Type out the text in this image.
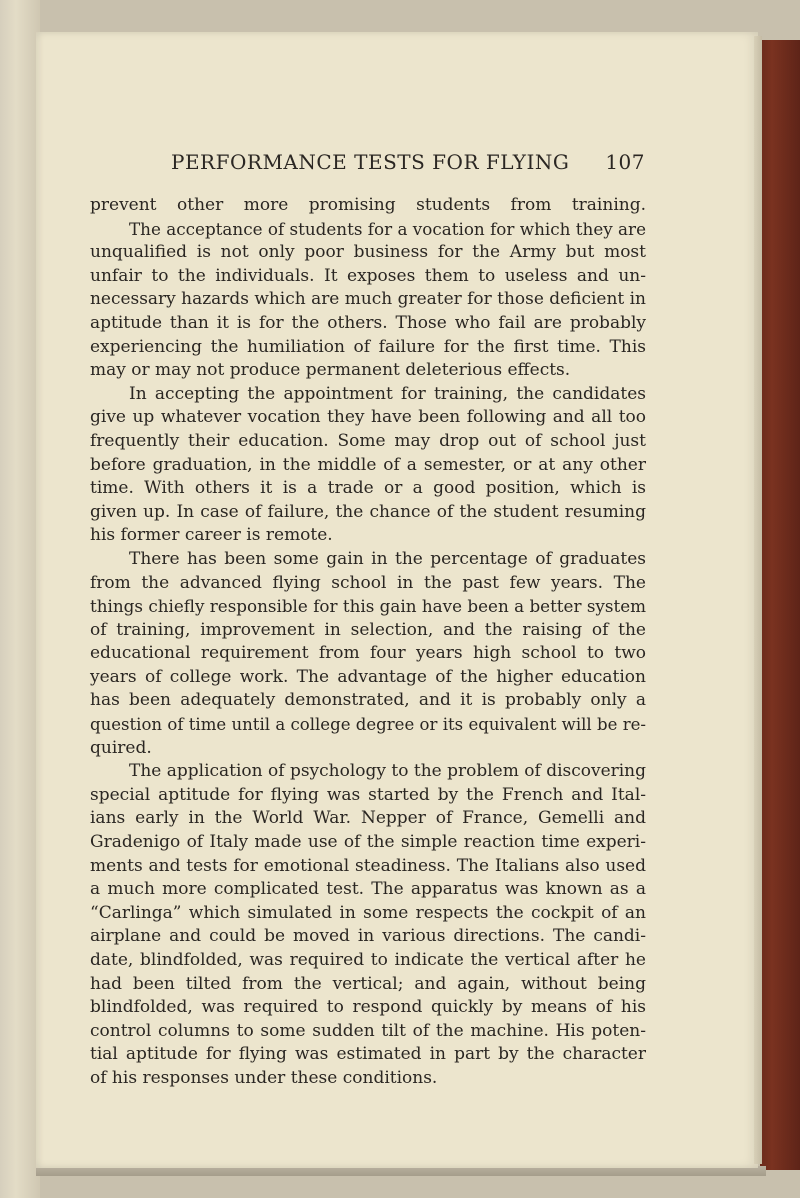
PERFORMANCE TESTS FOR FLYING 107
prevent other more promising students from training.
The acceptance of students for a vocation for which they are
unqualified is not only poor business for the Army but most
unfair to the individuals. It exposes them to useless and un-
necessary hazards which are much greater for those deficient in
aptitude than it is for the others. Those who fail are probably
experiencing the humiliation of failure for the first time. This
may or may not produce permanent deleterious effects.
In accepting the appointment for training, the candidates
give up whatever vocation they have been following and all too
frequently their education. Some may drop out of school just
before graduation, in the middle of a semester, or at any other
time. With others it is a trade or a good position, which is
given up. In case of failure, the chance of the student resuming
his former career is remote.
There has been some gain in the percentage of graduates
from the advanced flying school in the past few years. The
things chiefly responsible for this gain have been a better system
of training, improvement in selection, and the raising of the
educational requirement from four years high school to two
years of college work. The advantage of the higher education
has been adequately demonstrated, and it is probably only a
question of time until a college degree or its equivalent will be re-
quired.
The application of psychology to the problem of discovering
special aptitude for flying was started by the French and Ital-
ians early in the World War. Nepper of France, Gemelli and
Gradenigo of Italy made use of the simple reaction time experi-
ments and tests for emotional steadiness. The Italians also used
a much more complicated test. The apparatus was known as a
“Carlinga” which simulated in some respects the cockpit of an
airplane and could be moved in various directions. The candi-
date, blindfolded, was required to indicate the vertical after he
had been tilted from the vertical; and again, without being
blindfolded, was required to respond quickly by means of his
control columns to some sudden tilt of the machine. His poten-
tial aptitude for flying was estimated in part by the character
of his responses under these conditions.
